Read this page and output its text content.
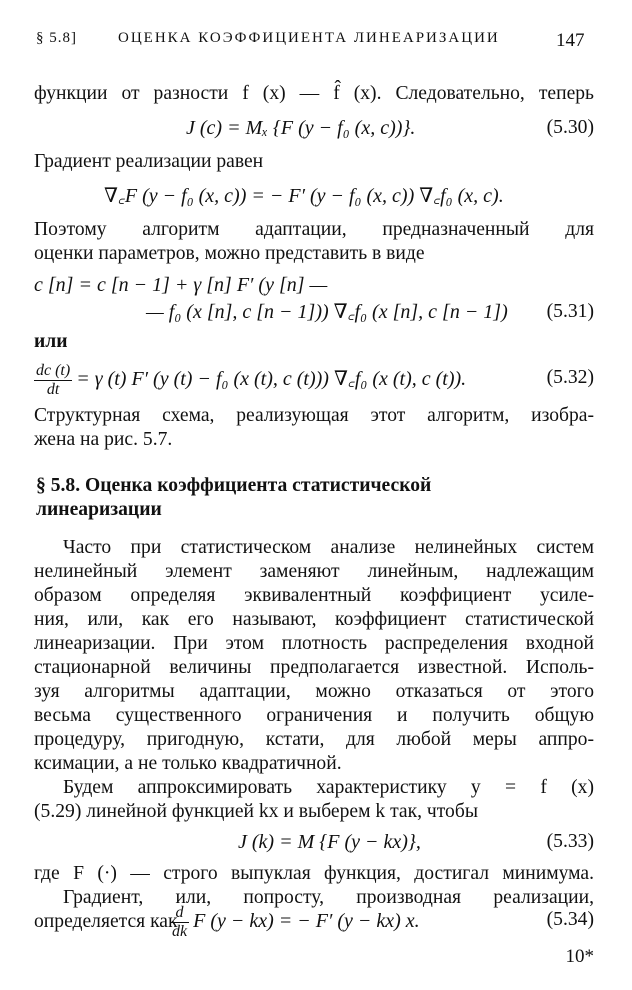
§ 5.8]	ОЦЕНКА КОЭФФИЦИЕНТА ЛИНЕАРИЗАЦИИ	147
функции от разности f (x) — f̂ (x). Следовательно, теперь
J (c) = Mₓ {F (y − f₀ (x, c))}.	(5.30)
Градиент реализации равен
∇꜀F (y − f₀ (x, c)) = − F′ (y − f₀ (x, c)) ∇꜀f₀ (x, c).
Поэтому алгоритм адаптации, предназначенный для
оценки параметров, можно представить в виде
c [n] = c [n − 1] + γ [n] F′ (y [n] —
— f₀ (x [n], c [n − 1])) ∇꜀f₀ (x [n], c [n − 1]) (5.31)
или
$\frac{dc (t)}{dt} = \gamma$ (t) F′ (y (t) − f₀ (x (t), c (t))) ∇꜀f₀ (x (t), c (t)).	(5.32)
Структурная схема, реализующая этот алгоритм, изобра-
жена на рис. 5.7.
§ 5.8. Оценка коэффициента статистической
линеаризации
Часто при статистическом анализе нелинейных систем
нелинейный элемент заменяют линейным, надлежащим
образом определяя эквивалентный коэффициент усиле-
ния, или, как его называют, коэффициент статистической
линеаризации. При этом плотность распределения входной
стационарной величины предполагается известной. Исполь-
зуя алгоритмы адаптации, можно отказаться от этого
весьма существенного ограничения и получить общую
процедуру, пригодную, кстати, для любой меры аппро-
ксимации, а не только квадратичной.
Будем аппроксимировать характеристику y = f (x)
(5.29) линейной функцией kx и выберем k так, чтобы
J (k) = M {F (y − kx)},	(5.33)
где F (·) — строго выпуклая функция, достигал минимума.
Градиент, или, попросту, производная реализации,
определяется как
$\frac{d}{dk}$ F (y − kx) = − F′ (y − kx) x.	(5.34)
10*
